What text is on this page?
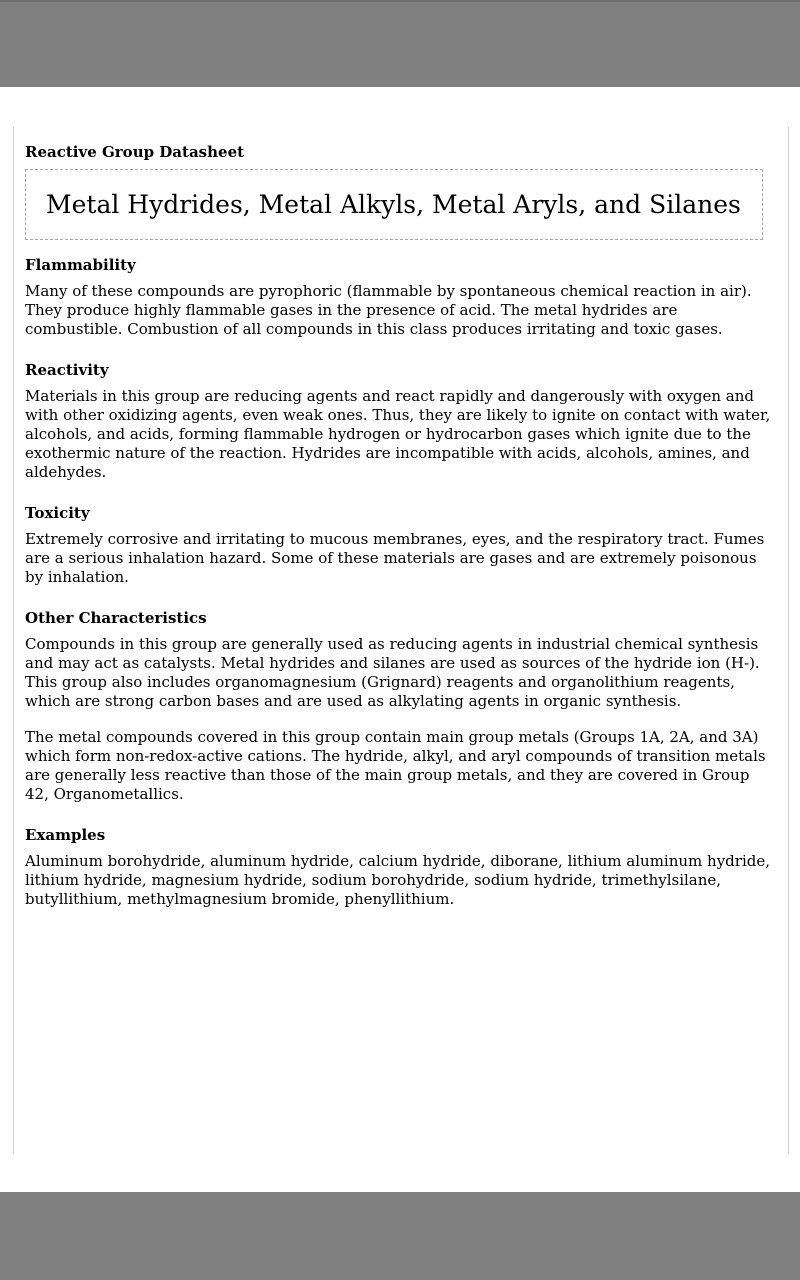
Reactive Group Datasheet
Metal Hydrides, Metal Alkyls, Metal Aryls, and Silanes
Flammability

Many of these compounds are pyrophoric (flammable by spontaneous chemical reaction in air). They produce highly flammable gases in the presence of acid. The metal hydrides are combustible. Combustion of all compounds in this class produces irritating and toxic gases.

Reactivity

Materials in this group are reducing agents and react rapidly and dangerously with oxygen and with other oxidizing agents, even weak ones. Thus, they are likely to ignite on contact with water, alcohols, and acids, forming flammable hydrogen or hydrocarbon gases which ignite due to the exothermic nature of the reaction. Hydrides are incompatible with acids, alcohols, amines, and aldehydes.

Toxicity

Extremely corrosive and irritating to mucous membranes, eyes, and the respiratory tract. Fumes are a serious inhalation hazard. Some of these materials are gases and are extremely poisonous by inhalation.

Other Characteristics

Compounds in this group are generally used as reducing agents in industrial chemical synthesis and may act as catalysts. Metal hydrides and silanes are used as sources of the hydride ion (H-). This group also includes organomagnesium (Grignard) reagents and organolithium reagents, which are strong carbon bases and are used as alkylating agents in organic synthesis.

The metal compounds covered in this group contain main group metals (Groups 1A, 2A, and 3A) which form non-redox-active cations. The hydride, alkyl, and aryl compounds of transition metals are generally less reactive than those of the main group metals, and they are covered in Group 42, Organometallics.

Examples

Aluminum borohydride, aluminum hydride, calcium hydride, diborane, lithium aluminum hydride, lithium hydride, magnesium hydride, sodium borohydride, sodium hydride, trimethylsilane, butyllithium, methylmagnesium bromide, phenyllithium.
